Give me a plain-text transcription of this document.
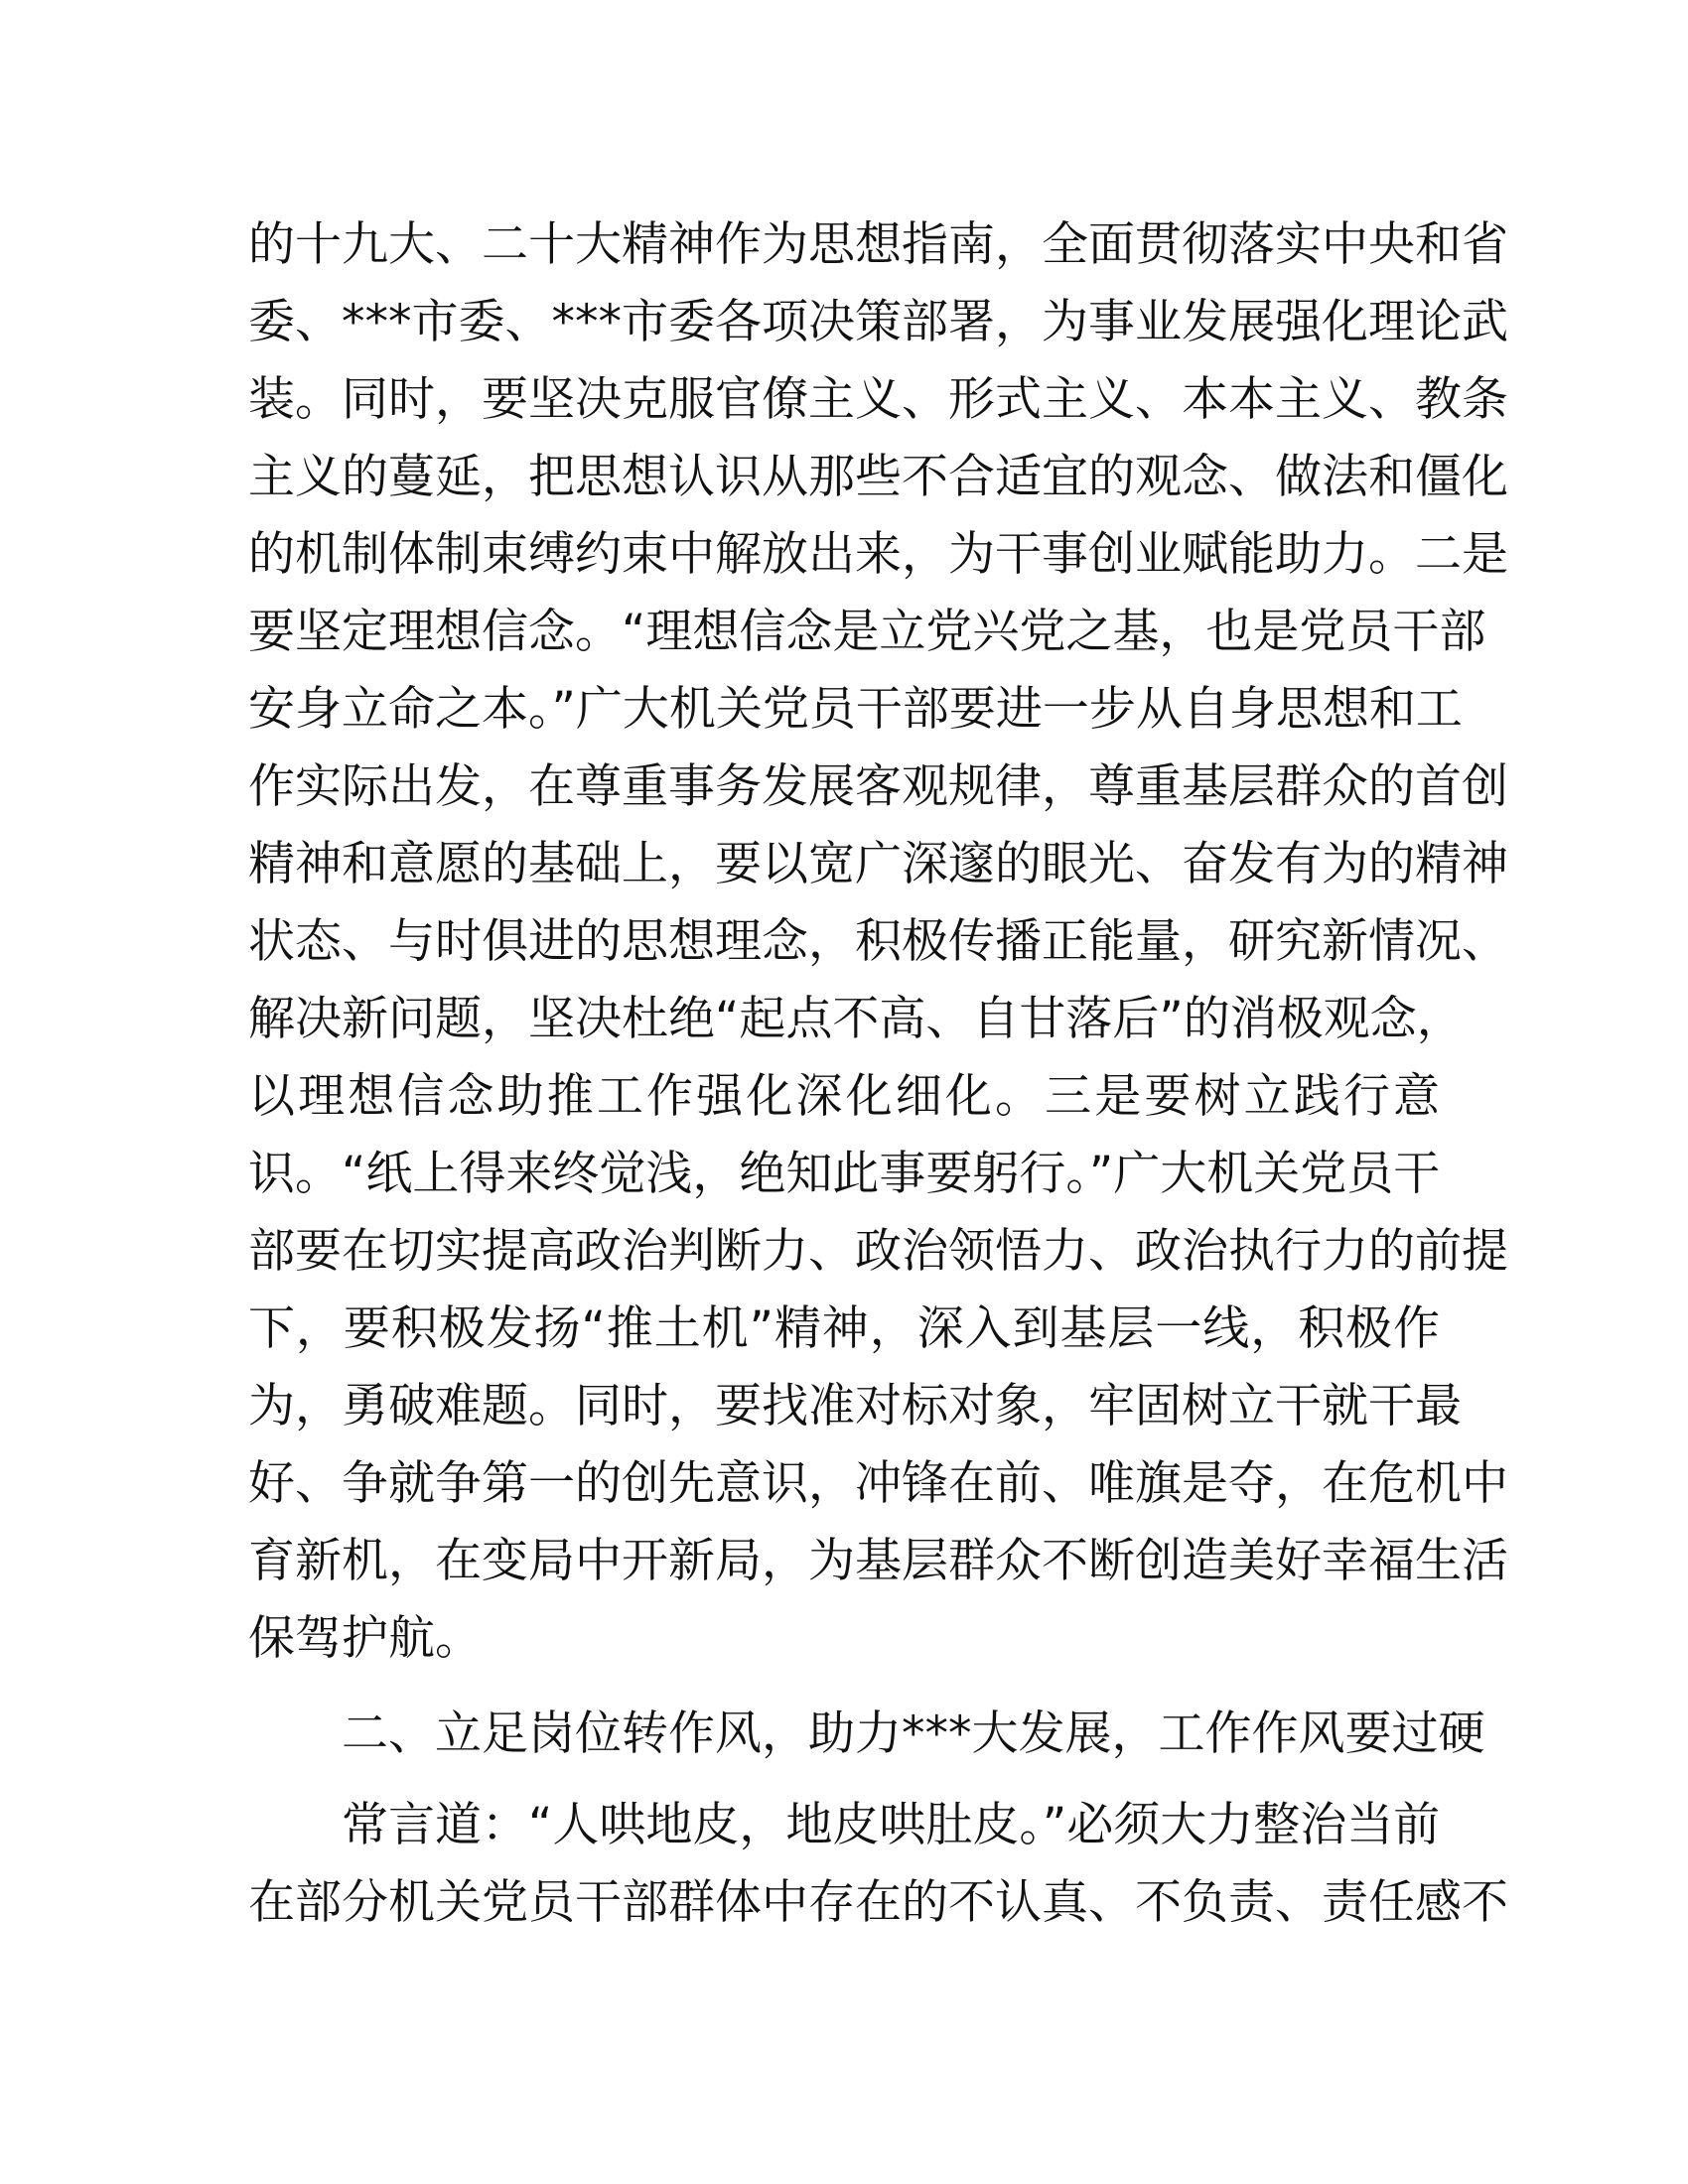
的十九大、二十大精神作为思想指南，全面贯彻落实中央和省
委、***市委、***市委各项决策部署，为事业发展强化理论武
装。同时，要坚决克服官僚主义、形式主义、本本主义、教条
主义的蔓延，把思想认识从那些不合适宜的观念、做法和僵化
的机制体制束缚约束中解放出来，为干事创业赋能助力。二是
要坚定理想信念。“理想信念是立党兴党之基，也是党员干部
安身立命之本。”广大机关党员干部要进一步从自身思想和工
作实际出发，在尊重事务发展客观规律，尊重基层群众的首创
精神和意愿的基础上，要以宽广深邃的眼光、奋发有为的精神
状态、与时俱进的思想理念，积极传播正能量，研究新情况、
解决新问题，坚决杜绝“起点不高、自甘落后”的消极观念，
以理想信念助推工作强化深化细化。三是要树立践行意
识。“纸上得来终觉浅，绝知此事要躬行。”广大机关党员干
部要在切实提高政治判断力、政治领悟力、政治执行力的前提
下，要积极发扬“推土机”精神，深入到基层一线，积极作
为，勇破难题。同时，要找准对标对象，牢固树立干就干最
好、争就争第一的创先意识，冲锋在前、唯旗是夺，在危机中
育新机，在变局中开新局，为基层群众不断创造美好幸福生活
保驾护航。
二、立足岗位转作风，助力***大发展，工作作风要过硬
常言道：“人哄地皮，地皮哄肚皮。”必须大力整治当前
在部分机关党员干部群体中存在的不认真、不负责、责任感不
